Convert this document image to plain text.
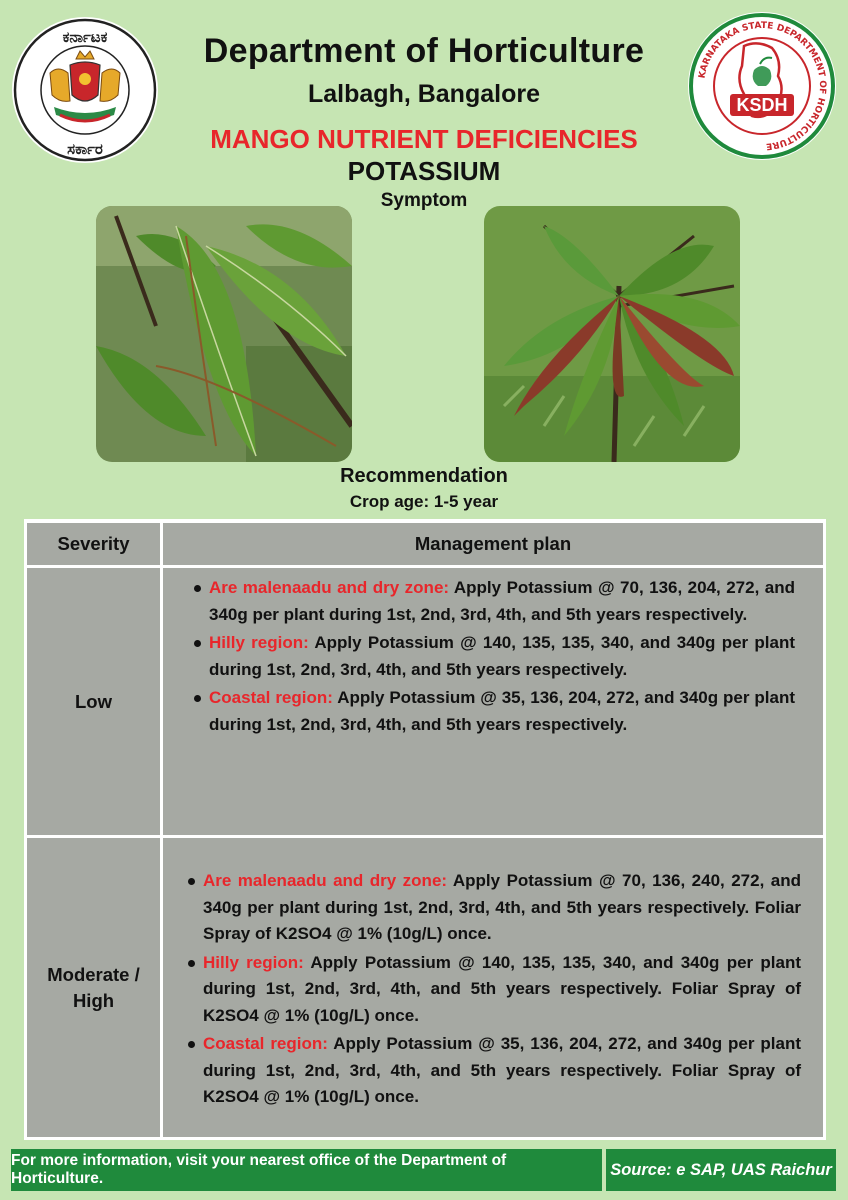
ಕರ್ನಾಟಕ
ಸರ್ಕಾರ
Department of Horticulture
Lalbagh, Bangalore
KARNATAKA STATE DEPARTMENT OF HORTICULTURE
KSDH
MANGO NUTRIENT DEFICIENCIES
POTASSIUM
Symptom
Recommendation
Crop age: 1-5 year
Severity	Management plan
Low
Are malenaadu and dry zone: Apply Potassium @ 70, 136, 204, 272, and 340g per plant during 1st, 2nd, 3rd, 4th, and 5th years respectively.
Hilly region: Apply Potassium @ 140, 135, 135, 340, and 340g per plant during 1st, 2nd, 3rd, 4th, and 5th years respectively.
Coastal region: Apply Potassium @ 35, 136, 204, 272, and 340g per plant during 1st, 2nd, 3rd, 4th, and 5th years respectively.
Moderate / High
Are malenaadu and dry zone: Apply Potassium @ 70, 136, 240, 272, and 340g per plant during 1st, 2nd, 3rd, 4th, and 5th years respectively. Foliar Spray of K2SO4 @ 1% (10g/L) once.
Hilly region: Apply Potassium @ 140, 135, 135, 340, and 340g per plant during 1st, 2nd, 3rd, 4th, and 5th years respectively. Foliar Spray of K2SO4 @ 1% (10g/L) once.
Coastal region: Apply Potassium @ 35, 136, 204, 272, and 340g per plant during 1st, 2nd, 3rd, 4th, and 5th years respectively. Foliar Spray of K2SO4 @ 1% (10g/L) once.
For more information, visit your nearest office of the Department of Horticulture.	Source: e SAP, UAS Raichur
